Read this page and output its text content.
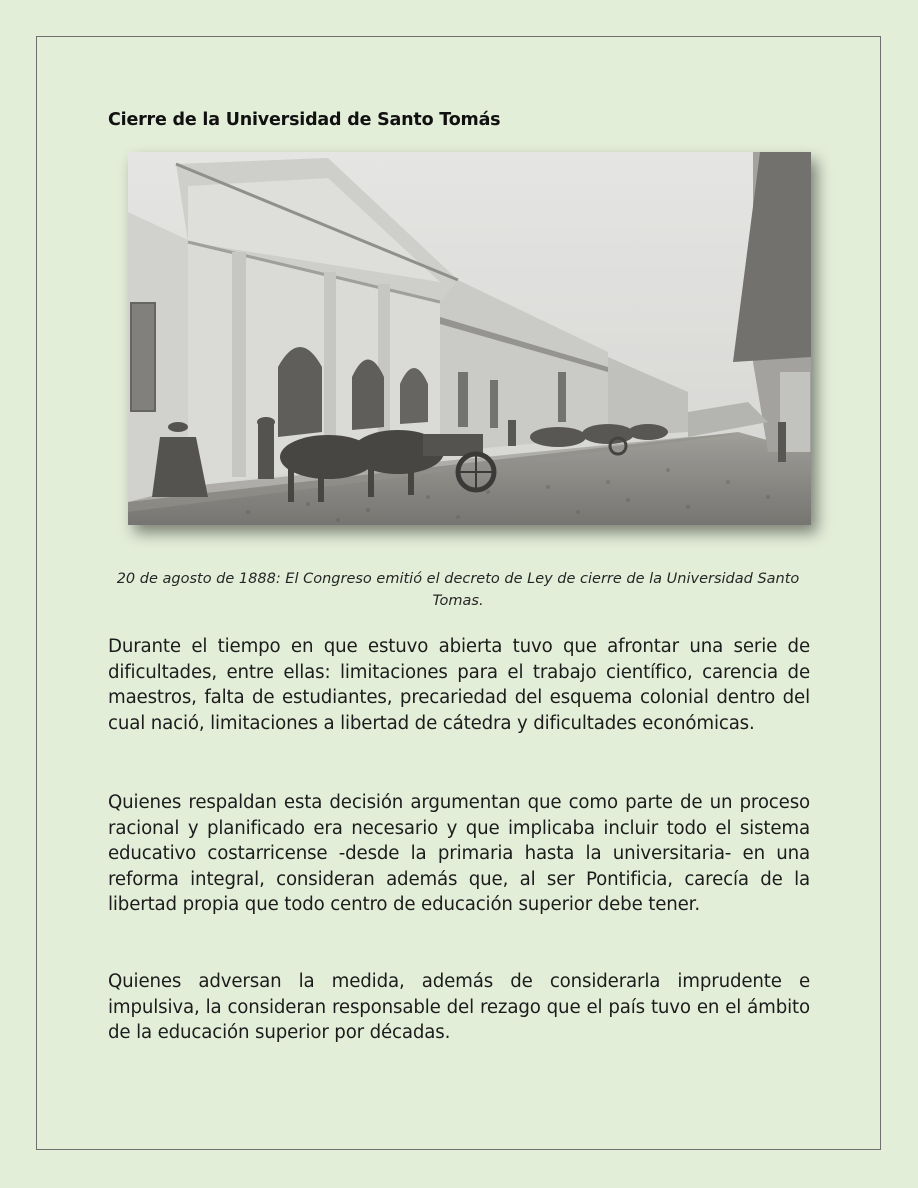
Cierre de la Universidad de Santo Tomás

20 de agosto de 1888: El Congreso emitió el decreto de Ley de cierre de la Universidad Santo Tomas.

Durante el tiempo en que estuvo abierta tuvo que afrontar una serie de dificultades, entre ellas: limitaciones para el trabajo científico, carencia de maestros, falta de estudiantes, precariedad del esquema colonial dentro del cual nació, limitaciones a libertad de cátedra y dificultades económicas.

Quienes respaldan esta decisión argumentan que como parte de un proceso racional y planificado era necesario y que implicaba incluir todo el sistema educativo costarricense -desde la primaria hasta la universitaria- en una reforma integral, consideran además que, al ser Pontificia, carecía de la libertad propia que todo centro de educación superior debe tener.

Quienes adversan la medida, además de considerarla imprudente e impulsiva, la consideran responsable del rezago que el país tuvo en el ámbito de la educación superior por décadas.
